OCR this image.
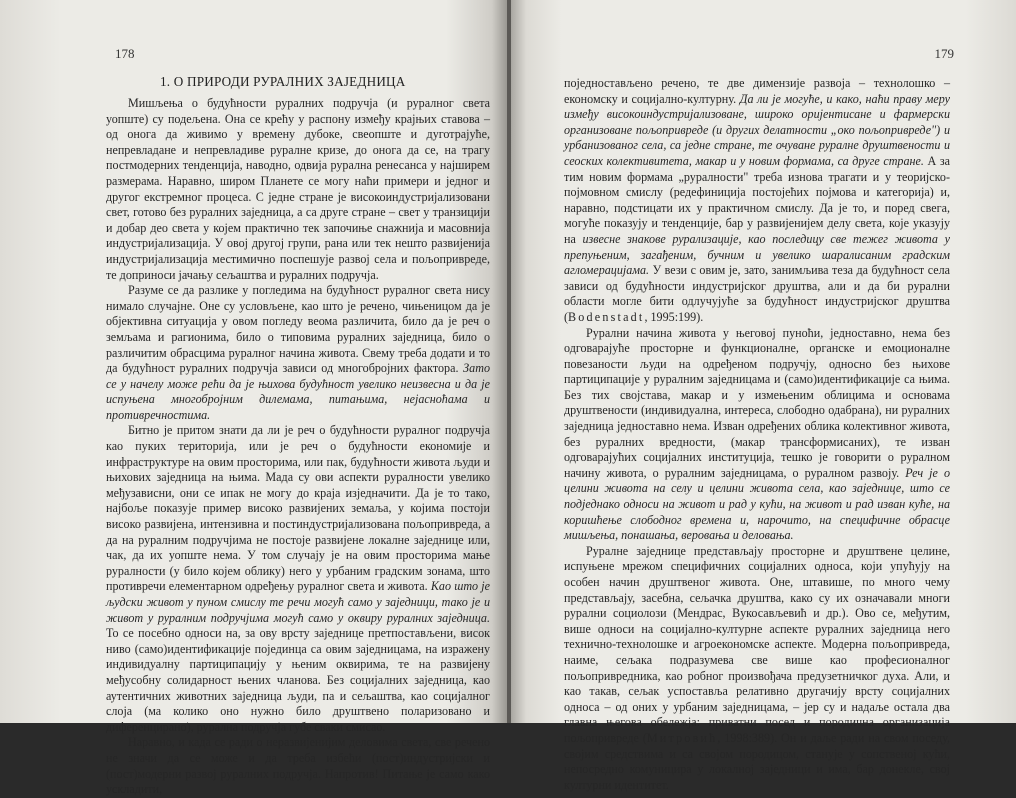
178
1. О ПРИРОДИ РУРАЛНИХ ЗАЈЕДНИЦА

Мишљења о будућности руралних подручја (и руралног света уопште) су подељена. Она се крећу у распону између крајњих ставова – од онога да живимо у времену дубоке, свеопште и дуготрајуће, непревладане и непревладиве руралне кризе, до онога да се, на трагу постмодерних тенденција, наводно, одвија рурална ренесанса у најширем размерама. Наравно, широм Планете се могу наћи примери и једног и другог екстремног процеса. С једне стране је високоиндустријализовани свет, готово без руралних заједница, а са друге стране – свет у транзицији и добар део света у којем практично тек започиње снажнија и масовнија индустријализација. У овој другој групи, рана или тек нешто развијенија индустријализација местимично поспешује развој села и пољопривреде, те доприноси јачању сељаштва и руралних подручја.

Разуме се да разлике у погледима на будућност руралног света нису нимало случајне. Оне су условљене, као што је речено, чињеницом да је објективна ситуација у овом погледу веома различита, било да је реч о земљама и рагионима, било о типовима руралних заједница, било о различитим обрасцима руралног начина живота. Свему треба додати и то да будућност руралних подручја зависи од многобројних фактора. Зато се у начелу може рећи да је њихова будућност увелико неизвесна и да је испуњена многобројним дилемама, питањима, нејасноћама и противречностима.

Битно је притом знати да ли је реч о будућности руралног подручја као пуких територија, или је реч о будућности економије и инфраструктуре на овим просторима, или пак, будућности живота људи и њихових заједница на њима. Мада су ови аспекти руралности увелико међузависни, они се ипак не могу до краја изједначити. Да је то тако, најбоље показује пример високо развијених земаља, у којима постоји високо развијена, интензивна и постиндустријализована пољопривреда, а да на руралним подручјима не постоје развијене локалне заједнице или, чак, да их уопште нема. У том случају је на овим просторима мање руралности (у било којем облику) него у урбаним градским зонама, што противречи елементарном одређењу руралног света и живота. Као што је људски живот у пуном смислу те речи могућ само у заједници, тако је и живот у руралним подручјима могућ само у оквиру руралних заједница. То се посебно односи на, за ову врсту заједнице претпостављени, висок ниво (само)идентификације појединца са овим заједницама, на изражену индивидуалну партиципацију у њеним оквирима, те на развијену међусобну солидарност њених чланова. Без социјалних заједница, као аутентичних животних заједница људи, па и сељаштва, као социјалног слоја (ма колико оно нужно било друштвено поларизовано и диференцирано), рурална подручја губе сваки смисао.

Наравно, и када се ради о неразвијенијим деловима света, све речено не значи да се може и да треба избећи (пост)индустријски и (пост)модерни развој руралних подручја. Напротив! Питање је само како ускладити,

179

поједностављено речено, те две димензије развоја – технолошко – економску и социјално-културну. Да ли је могуће, и како, наћи праву меру између високоиндустријализоване, широко оријентисане и фармерски организоване пољопривреде (и других делатности „око пољопривреде") и урбанизованог села, са једне стране, те очуване руралне друштвености и сеоских колективитета, макар и у новим формама, са друге стране. А за тим новим формама „руралности" треба изнова трагати и у теоријско-појмовном смислу (редефиниција постојећих појмова и категорија) и, наравно, подстицати их у практичном смислу. Да је то, и поред свега, могуће показују и тенденције, бар у развијенијем делу света, које указују на извесне знакове рурализације, као последицу све тежег живота у препуњеним, загађеним, бучним и увелико шаралисаним градским агломерацијама. У вези с овим је, зато, занимљива теза да будућност села зависи од будућности индустријског друштва, али и да би рурални области могле бити одлучујуће за будућност индустријског друштва (Bodenstadt, 1995:199).

Рурални начина живота у његовој пуноћи, једноставно, нема без одговарајуће просторне и функционалне, органске и емоционалне повезаности људи на одређеном подручју, односно без њихове партиципације у руралним заједницама и (само)идентификације са њима. Без тих својстава, макар и у измењеним облицима и основама друштвености (индивидуална, интереса, слободно одабрана), ни руралних заједница једноставно нема. Изван одређених облика колективног живота, без руралних вредности, (макар трансформисаних), те изван одговарајућих социјалних институција, тешко је говорити о руралном начину живота, о руралним заједницама, о руралном развоју. Реч је о целини живота на селу и целини живота села, као заједнице, што се подједнако односи на живот и рад у кући, на живот и рад изван куће, на коришћење слободног времена и, нарочито, на специфичне обрасце мишљења, понашања, веровања и деловања.

Руралне заједнице представљају просторне и друштвене целине, испуњене мрежом специфичних социјалних односа, који упућују на особен начин друштвеног живота. Оне, штавише, по много чему представљају, засебна, сељачка друштва, како су их означавали многи рурални социолози (Мендрас, Вукосављевић и др.). Ово се, међутим, више односи на социјално-културне аспекте руралних заједница него технично-технолошке и агроекономске аспекте. Модерна пољопривреда, наиме, сељака подразумева све више као професионалног пољопривредника, као робног произвођача предузетничког духа. Али, и као такав, сељак успоставља релативно другачију врсту социјалних односа – од оних у урбаним заједницама, – јер су и надаље остала два главна његова обележја: приватни посед и породична организација пољопривреде (Митровић, 1998:389). Он и даље ради на свом поседу, својим средствима и са својом породицом, станује у сопственој кући, непосредно комуницира у локалној заједници и има, бар донекле, свој културни идентитет.
